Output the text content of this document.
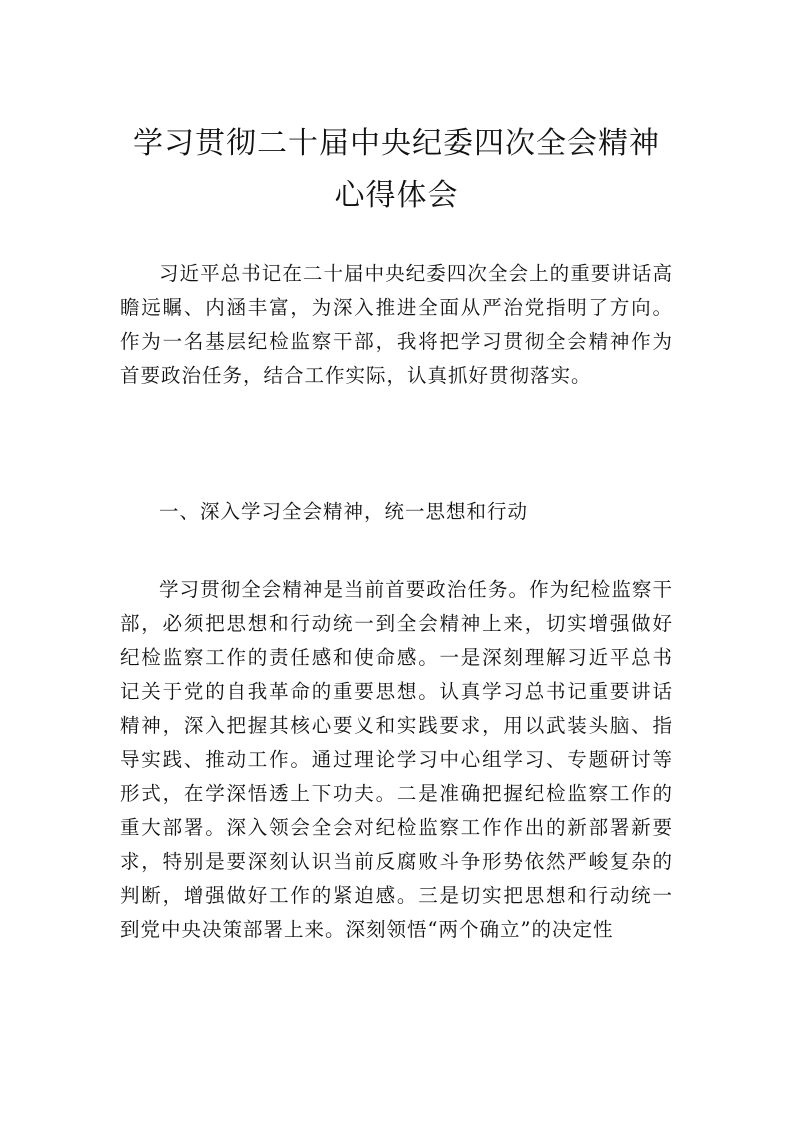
学习贯彻二十届中央纪委四次全会精神心得体会

习近平总书记在二十届中央纪委四次全会上的重要讲话高瞻远瞩、内涵丰富，为深入推进全面从严治党指明了方向。作为一名基层纪检监察干部，我将把学习贯彻全会精神作为首要政治任务，结合工作实际，认真抓好贯彻落实。

一、深入学习全会精神，统一思想和行动

学习贯彻全会精神是当前首要政治任务。作为纪检监察干部，必须把思想和行动统一到全会精神上来，切实增强做好纪检监察工作的责任感和使命感。一是深刻理解习近平总书记关于党的自我革命的重要思想。认真学习总书记重要讲话精神，深入把握其核心要义和实践要求，用以武装头脑、指导实践、推动工作。通过理论学习中心组学习、专题研讨等形式，在学深悟透上下功夫。二是准确把握纪检监察工作的重大部署。深入领会全会对纪检监察工作作出的新部署新要求，特别是要深刻认识当前反腐败斗争形势依然严峻复杂的判断，增强做好工作的紧迫感。三是切实把思想和行动统一到党中央决策部署上来。深刻领悟“两个确立”的决定性
